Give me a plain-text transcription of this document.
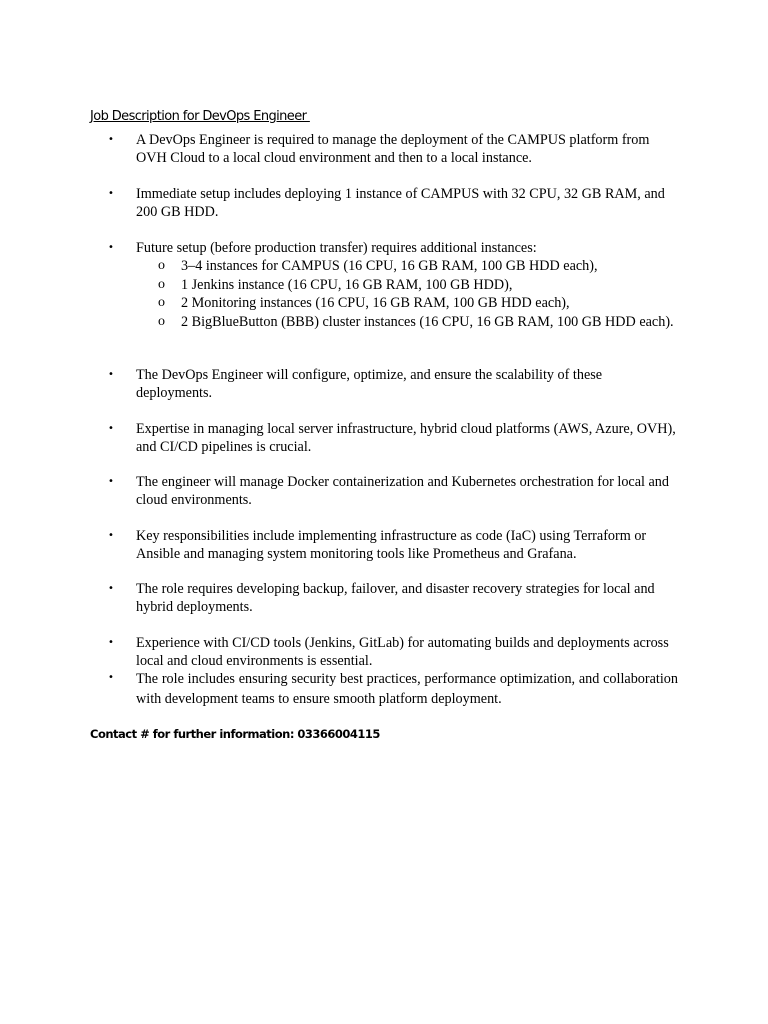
Job Description for DevOps Engineer

•	A DevOps Engineer is required to manage the deployment of the CAMPUS platform from OVH Cloud to a local cloud environment and then to a local instance.
•	Immediate setup includes deploying 1 instance of CAMPUS with 32 CPU, 32 GB RAM, and 200 GB HDD.
•	Future setup (before production transfer) requires additional instances:
o 3–4 instances for CAMPUS (16 CPU, 16 GB RAM, 100 GB HDD each),
o 1 Jenkins instance (16 CPU, 16 GB RAM, 100 GB HDD),
o 2 Monitoring instances (16 CPU, 16 GB RAM, 100 GB HDD each),
o 2 BigBlueButton (BBB) cluster instances (16 CPU, 16 GB RAM, 100 GB HDD each).
•	The DevOps Engineer will configure, optimize, and ensure the scalability of these deployments.
•	Expertise in managing local server infrastructure, hybrid cloud platforms (AWS, Azure, OVH), and CI/CD pipelines is crucial.
•	The engineer will manage Docker containerization and Kubernetes orchestration for local and cloud environments.
•	Key responsibilities include implementing infrastructure as code (IaC) using Terraform or Ansible and managing system monitoring tools like Prometheus and Grafana.
•	The role requires developing backup, failover, and disaster recovery strategies for local and hybrid deployments.
•	Experience with CI/CD tools (Jenkins, GitLab) for automating builds and deployments across local and cloud environments is essential.
•	The role includes ensuring security best practices, performance optimization, and collaboration with development teams to ensure smooth platform deployment.

Contact # for further information: 03366004115
